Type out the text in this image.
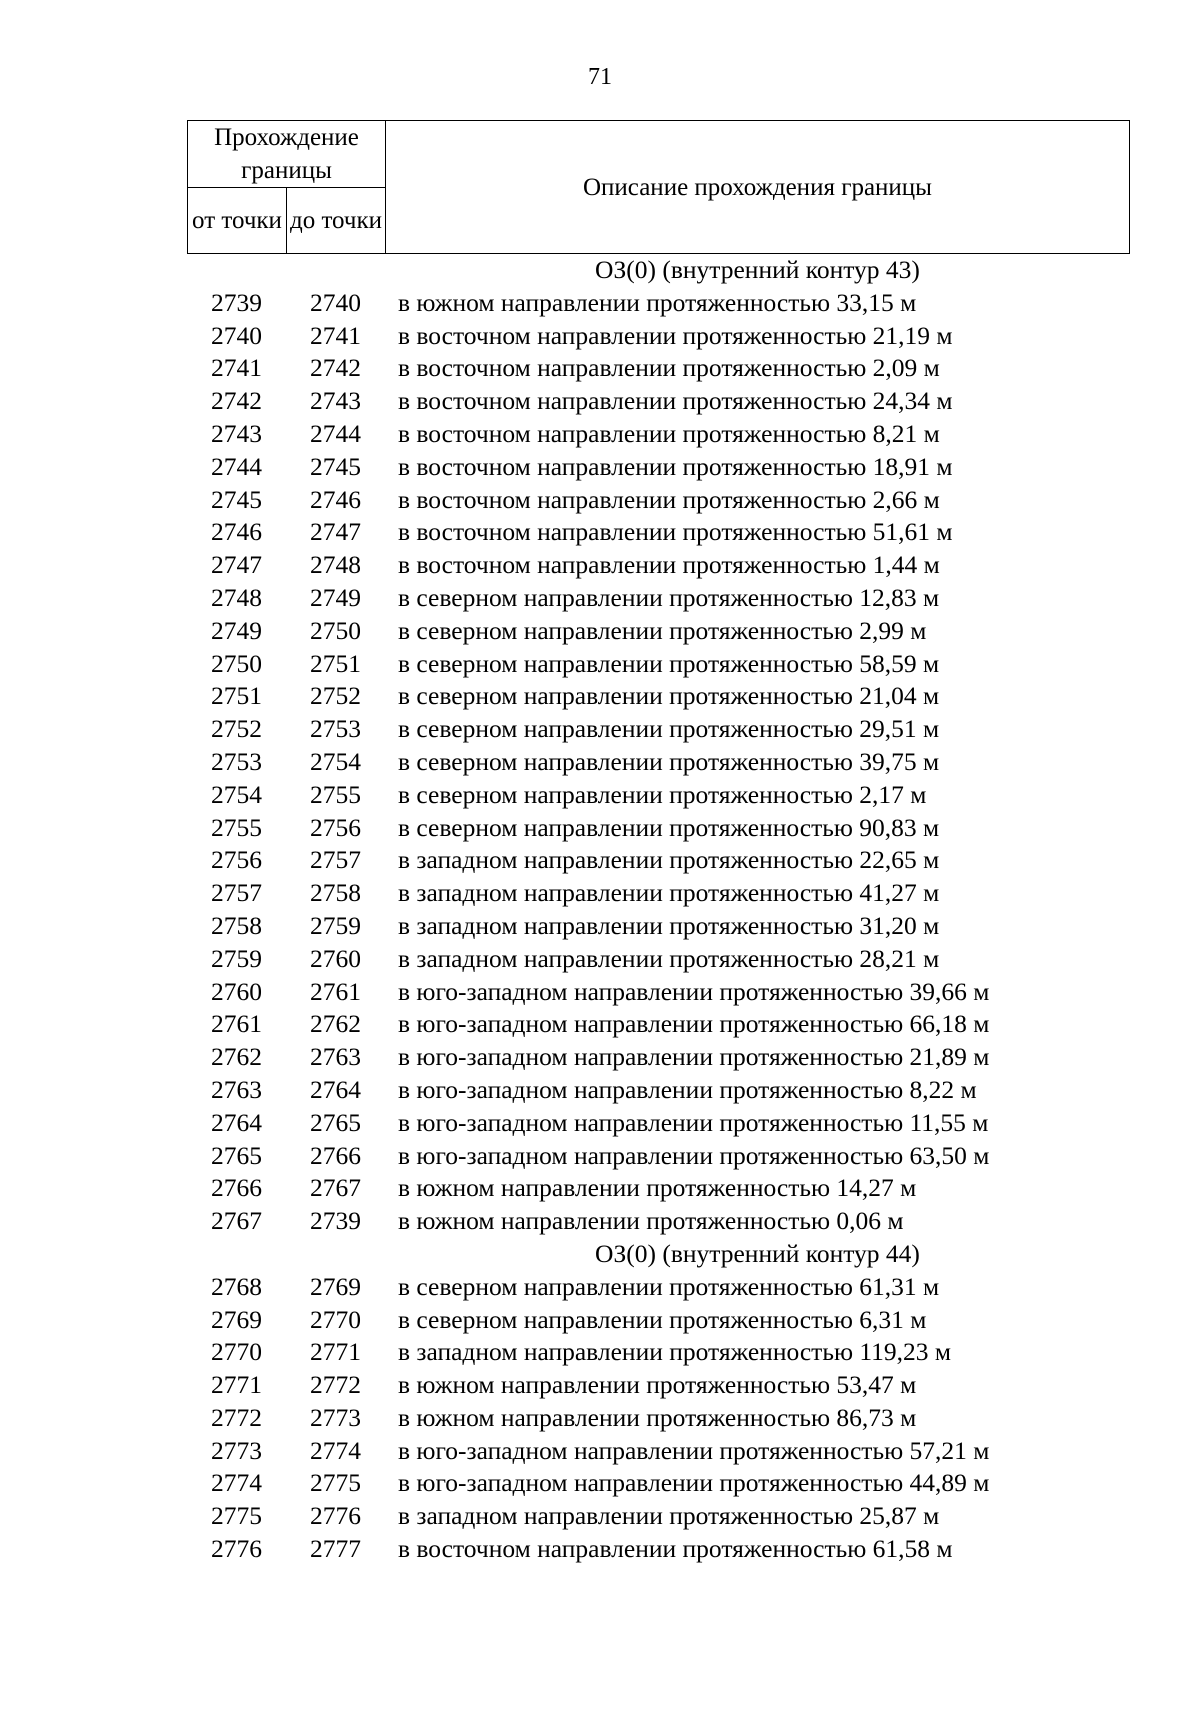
71
Прохождение границы		Описание прохождения границы
от точки	до точки	
ОЗ(0) (внутренний контур 43)
2739	2740	в южном направлении протяженностью 33,15 м
2740	2741	в восточном направлении протяженностью 21,19 м
2741	2742	в восточном направлении протяженностью 2,09 м
2742	2743	в восточном направлении протяженностью 24,34 м
2743	2744	в восточном направлении протяженностью 8,21 м
2744	2745	в восточном направлении протяженностью 18,91 м
2745	2746	в восточном направлении протяженностью 2,66 м
2746	2747	в восточном направлении протяженностью 51,61 м
2747	2748	в восточном направлении протяженностью 1,44 м
2748	2749	в северном направлении протяженностью 12,83 м
2749	2750	в северном направлении протяженностью 2,99 м
2750	2751	в северном направлении протяженностью 58,59 м
2751	2752	в северном направлении протяженностью 21,04 м
2752	2753	в северном направлении протяженностью 29,51 м
2753	2754	в северном направлении протяженностью 39,75 м
2754	2755	в северном направлении протяженностью 2,17 м
2755	2756	в северном направлении протяженностью 90,83 м
2756	2757	в западном направлении протяженностью 22,65 м
2757	2758	в западном направлении протяженностью 41,27 м
2758	2759	в западном направлении протяженностью 31,20 м
2759	2760	в западном направлении протяженностью 28,21 м
2760	2761	в юго-западном направлении протяженностью 39,66 м
2761	2762	в юго-западном направлении протяженностью 66,18 м
2762	2763	в юго-западном направлении протяженностью 21,89 м
2763	2764	в юго-западном направлении протяженностью 8,22 м
2764	2765	в юго-западном направлении протяженностью 11,55 м
2765	2766	в юго-западном направлении протяженностью 63,50 м
2766	2767	в южном направлении протяженностью 14,27 м
2767	2739	в южном направлении протяженностью 0,06 м
ОЗ(0) (внутренний контур 44)
2768	2769	в северном направлении протяженностью 61,31 м
2769	2770	в северном направлении протяженностью 6,31 м
2770	2771	в западном направлении протяженностью 119,23 м
2771	2772	в южном направлении протяженностью 53,47 м
2772	2773	в южном направлении протяженностью 86,73 м
2773	2774	в юго-западном направлении протяженностью 57,21 м
2774	2775	в юго-западном направлении протяженностью 44,89 м
2775	2776	в западном направлении протяженностью 25,87 м
2776	2777	в восточном направлении протяженностью 61,58 м
